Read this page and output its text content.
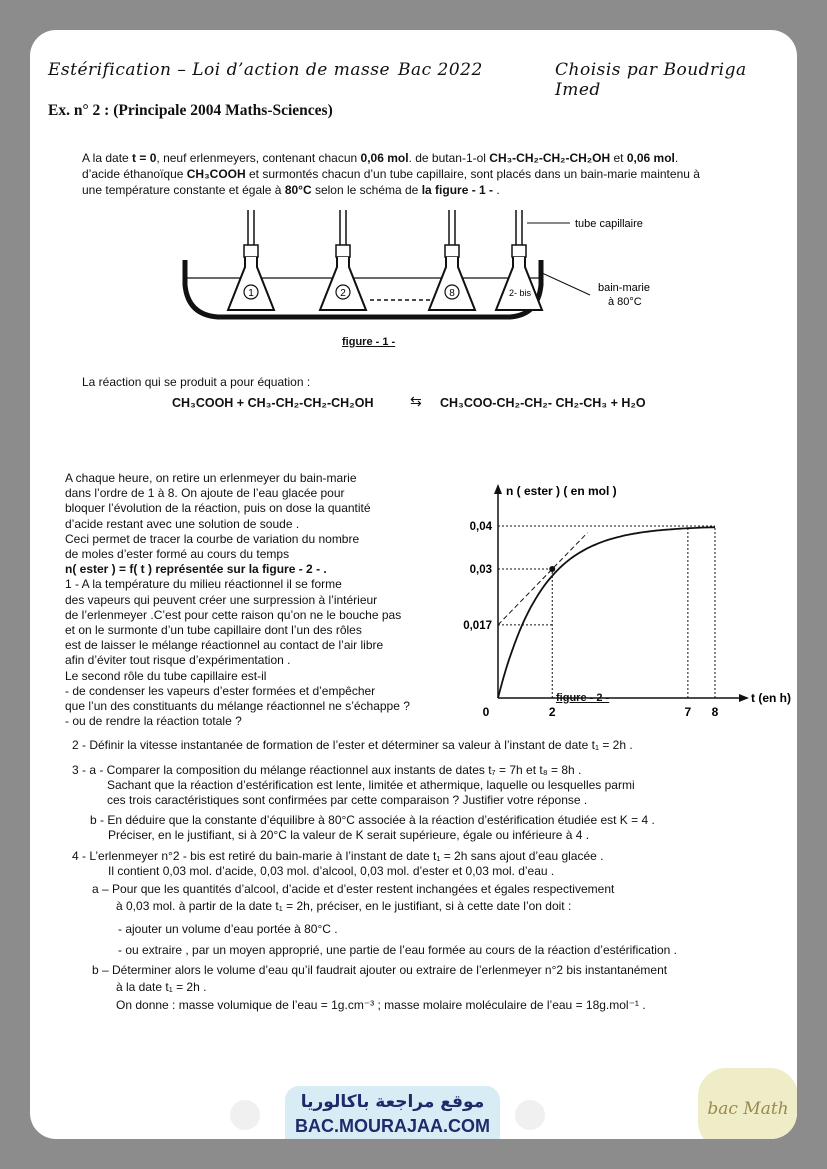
Estérification – Loi d’action de masse Bac 2022	Choisis par Boudriga Imed
Ex. n° 2 : (Principale 2004 Maths-Sciences)
A la date t = 0, neuf erlenmeyers, contenant chacun 0,06 mol. de butan-1-ol CH₃-CH₂-CH₂-CH₂OH et 0,06 mol.
d’acide éthanoïque CH₃COOH et surmontés chacun d’un tube capillaire, sont placés dans un bain-marie maintenu à
une température constante et égale à 80°C selon le schéma de la figure - 1 - .
1	2	8	2- bis
tube capillaire
bain-marie
à 80°C
figure - 1 -
La réaction qui se produit a pour équation :
CH₃COOH + CH₃-CH₂-CH₂-CH₂OH	⇆ CH₃COO-CH₂-CH₂- CH₂-CH₃ + H₂O
A chaque heure, on retire un erlenmeyer du bain-marie
dans l’ordre de 1 à 8. On ajoute de l’eau glacée pour
bloquer l’évolution de la réaction, puis on dose la quantité
d’acide restant avec une solution de soude .
Ceci permet de tracer la courbe de variation du nombre
de moles d’ester formé au cours du temps
n( ester ) = f( t ) représentée sur la figure - 2 - .
1 - A la température du milieu réactionnel il se forme
des vapeurs qui peuvent créer une surpression à l’intérieur
de l’erlenmeyer .C’est pour cette raison qu’on ne le bouche pas
et on le surmonte d’un tube capillaire dont l’un des rôles
est de laisser le mélange réactionnel au contact de l’air libre
afin d’éviter tout risque d’expérimentation .
Le second rôle du tube capillaire est-il
- de condenser les vapeurs d’ester formées et d’empêcher
que l’un des constituants du mélange réactionnel ne s’échappe ?
- ou de rendre la réaction totale ?
n ( ester ) ( en mol )
t (en h)
0,04
0,03
0,017
0	2	7 8
figure - 2 -
2 - Définir la vitesse instantanée de formation de l’ester et déterminer sa valeur à l’instant de date t₁ = 2h .
3 - a - Comparer la composition du mélange réactionnel aux instants de dates t₇ = 7h et t₈ = 8h .
Sachant que la réaction d’estérification est lente, limitée et athermique, laquelle ou lesquelles parmi
ces trois caractéristiques sont confirmées par cette comparaison ? Justifier votre réponse .
b - En déduire que la constante d’équilibre à 80°C associée à la réaction d’estérification étudiée est K = 4 .
Préciser, en le justifiant, si à 20°C la valeur de K serait supérieure, égale ou inférieure à 4 .
4 - L’erlenmeyer n°2 - bis est retiré du bain-marie à l’instant de date t₁ = 2h sans ajout d’eau glacée .
Il contient 0,03 mol. d’acide, 0,03 mol. d’alcool, 0,03 mol. d’ester et 0,03 mol. d’eau .
a – Pour que les quantités d’alcool, d’acide et d’ester restent inchangées et égales respectivement
à 0,03 mol. à partir de la date t₁ = 2h, préciser, en le justifiant, si à cette date l’on doit :
- ajouter un volume d’eau portée à 80°C .
- ou extraire , par un moyen approprié, une partie de l’eau formée au cours de la réaction d’estérification .
b – Déterminer alors le volume d’eau qu’il faudrait ajouter ou extraire de l’erlenmeyer n°2 bis instantanément
à la date t₁ = 2h .
On donne : masse volumique de l’eau = 1g.cm⁻³ ; masse molaire moléculaire de l’eau = 18g.mol⁻¹ .
موقع مراجعة باكالوريا
BAC.MOURAJAA.COM
bac Math
